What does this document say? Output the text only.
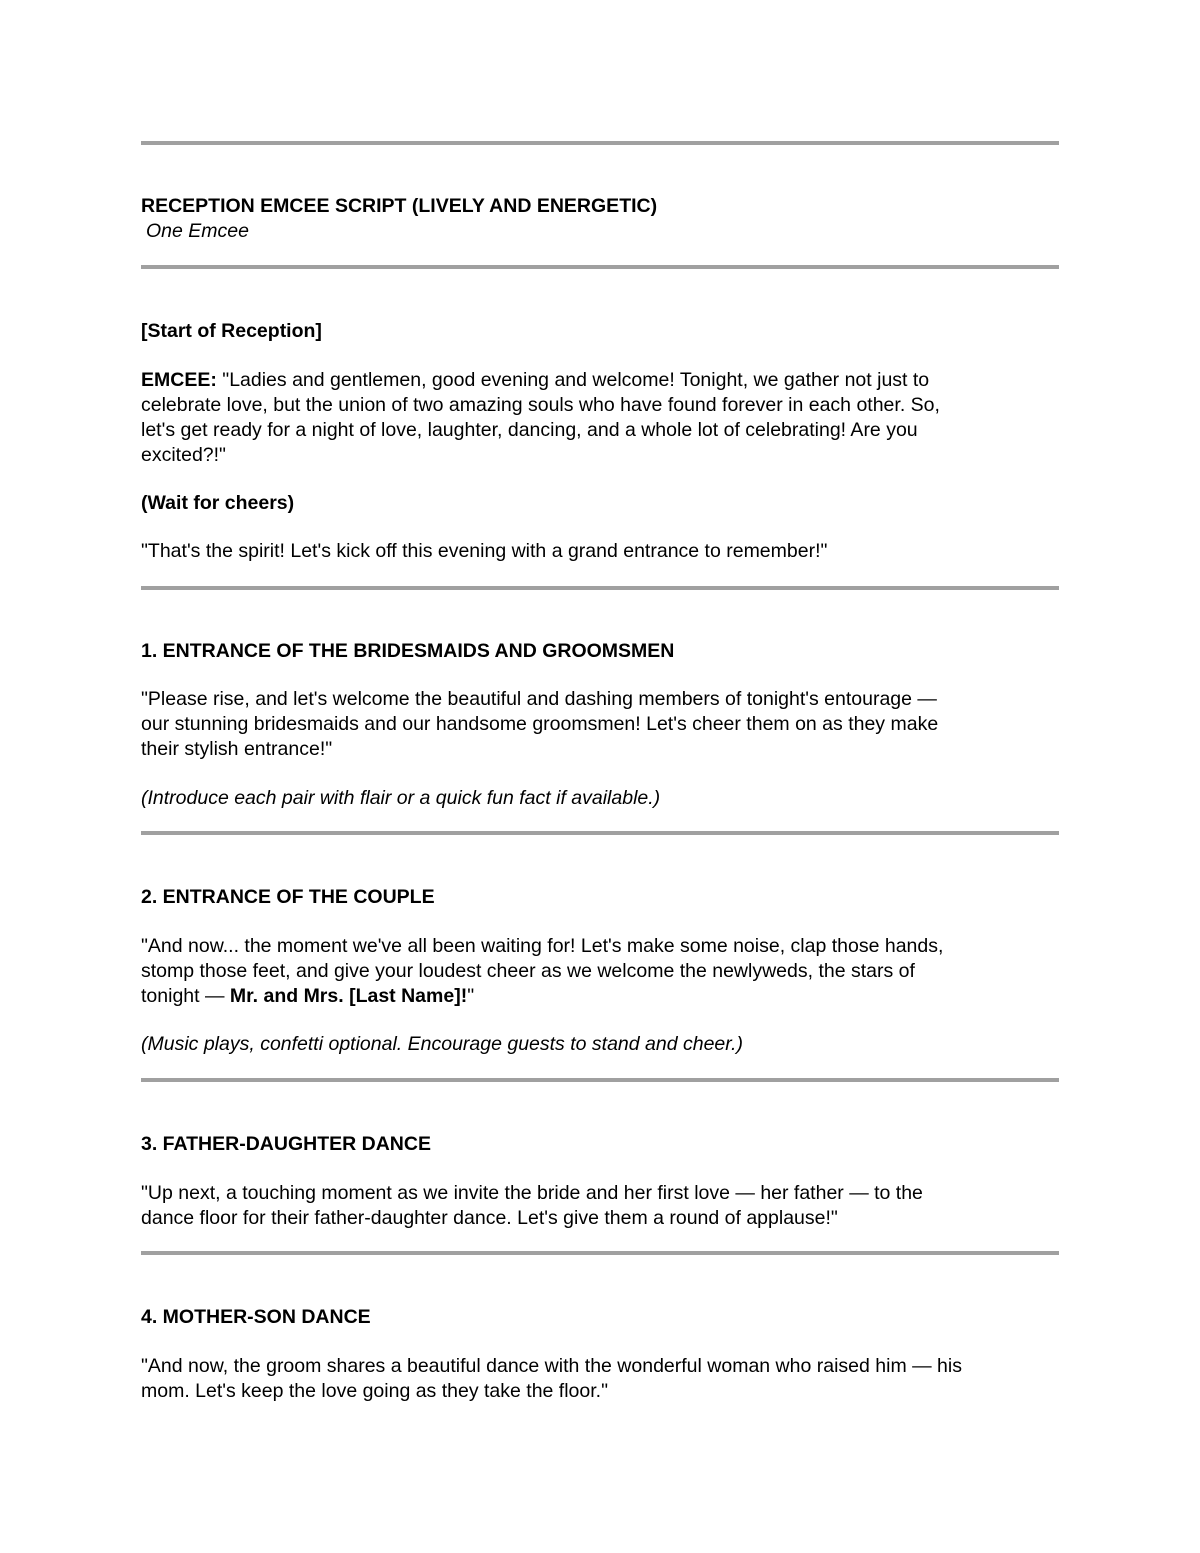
RECEPTION EMCEE SCRIPT (LIVELY AND ENERGETIC)

One Emcee

[Start of Reception]

EMCEE: "Ladies and gentlemen, good evening and welcome! Tonight, we gather not just to

celebrate love, but the union of two amazing souls who have found forever in each other. So,

let's get ready for a night of love, laughter, dancing, and a whole lot of celebrating! Are you

excited?!"

(Wait for cheers)

"That's the spirit! Let's kick off this evening with a grand entrance to remember!"

1. ENTRANCE OF THE BRIDESMAIDS AND GROOMSMEN

"Please rise, and let's welcome the beautiful and dashing members of tonight's entourage —

our stunning bridesmaids and our handsome groomsmen! Let's cheer them on as they make

their stylish entrance!"

(Introduce each pair with flair or a quick fun fact if available.)

2. ENTRANCE OF THE COUPLE

"And now... the moment we've all been waiting for! Let's make some noise, clap those hands,

stomp those feet, and give your loudest cheer as we welcome the newlyweds, the stars of

tonight — Mr. and Mrs. [Last Name]!"

(Music plays, confetti optional. Encourage guests to stand and cheer.)

3. FATHER-DAUGHTER DANCE

"Up next, a touching moment as we invite the bride and her first love — her father — to the

dance floor for their father-daughter dance. Let's give them a round of applause!"

4. MOTHER-SON DANCE

"And now, the groom shares a beautiful dance with the wonderful woman who raised him — his

mom. Let's keep the love going as they take the floor."
